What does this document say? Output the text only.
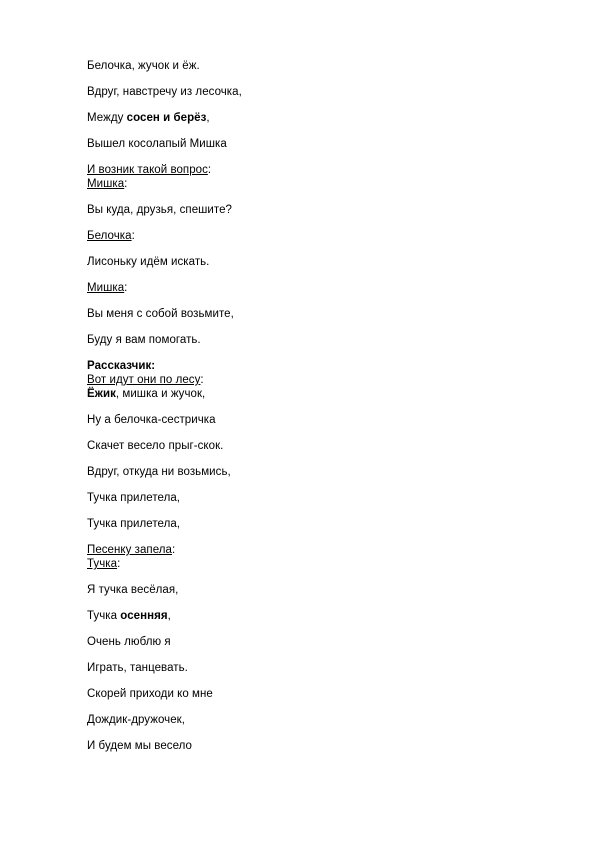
Белочка, жучок и ёж.
Вдруг, навстречу из лесочка,
Между сосен и берёз,
Вышел косолапый Мишка
И возник такой вопрос:
Мишка:
Вы куда, друзья, спешите?
Белочка:
Лисоньку идём искать.
Мишка:
Вы меня с собой возьмите,
Буду я вам помогать.
Рассказчик:
Вот идут они по лесу:
Ёжик, мишка и жучок,
Ну а белочка-сестричка
Скачет весело прыг-скок.
Вдруг, откуда ни возьмись,
Тучка прилетела,
Тучка прилетела,
Песенку запела:
Тучка:
Я тучка весёлая,
Тучка осенняя,
Очень люблю я
Играть, танцевать.
Скорей приходи ко мне
Дождик-дружочек,
И будем мы весело
